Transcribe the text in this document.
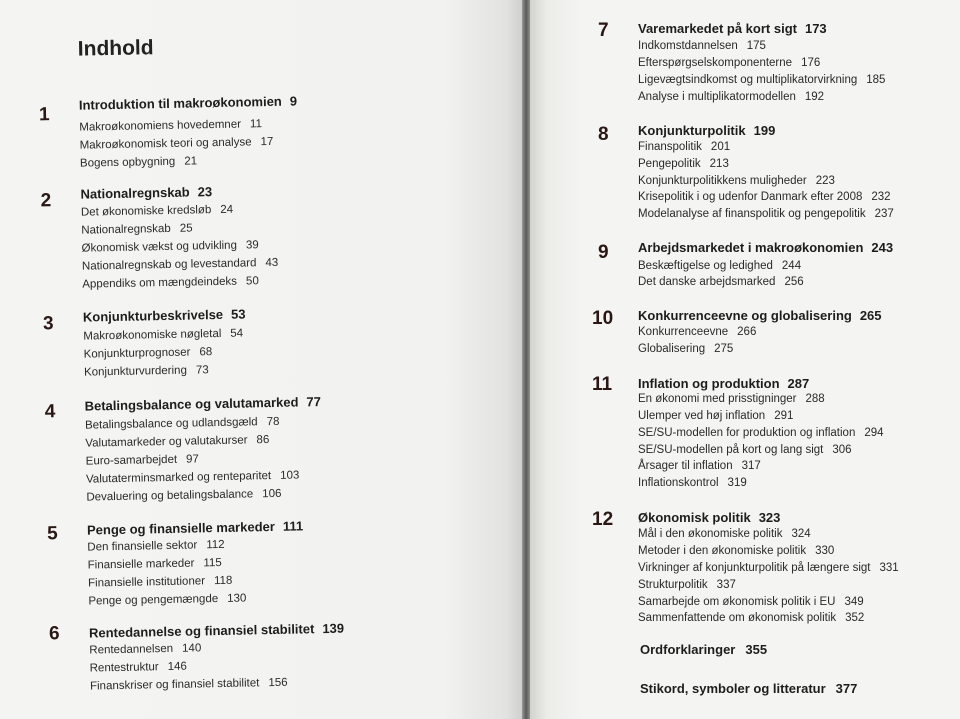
Indhold
1
Introduktion til makroøkonomien 9
Makroøkonomiens hovedemner 11
Makroøkonomisk teori og analyse 17
Bogens opbygning 21
2 Nationalregnskab 23
Det økonomiske kredsløb 24
Nationalregnskab 25
Økonomisk vækst og udvikling 39
Nationalregnskab og levestandard 43
Appendiks om mængdeindeks 50
3 Konjunkturbeskrivelse 53
Makroøkonomiske nøgletal 54
Konjunkturprognoser 68
Konjunkturvurdering 73
4 Betalingsbalance og valutamarked 77
Betalingsbalance og udlandsgæld 78
Valutamarkeder og valutakurser 86
Euro-samarbejdet 97
Valutaterminsmarked og renteparitet 103
Devaluering og betalingsbalance 106
5 Penge og finansielle markeder 111
Den finansielle sektor 112
Finansielle markeder 115
Finansielle institutioner 118
Penge og pengemængde 130
6 Rentedannelse og finansiel stabilitet 139
Rentedannelsen 140
Rentestruktur 146
Finanskriser og finansiel stabilitet 156
7 Varemarkedet på kort sigt 173
Indkomstdannelsen 175
Efterspørgselskomponenterne 176
Ligevægtsindkomst og multiplikatorvirkning 185
Analyse i multiplikatormodellen 192
8 Konjunkturpolitik 199
Finanspolitik 201
Pengepolitik 213
Konjunkturpolitikkens muligheder 223
Krisepolitik i og udenfor Danmark efter 2008 232
Modelanalyse af finanspolitik og pengepolitik 237
9 Arbejdsmarkedet i makroøkonomien 243
Beskæftigelse og ledighed 244
Det danske arbejdsmarked 256
10 Konkurrenceevne og globalisering 265
Konkurrenceevne 266
Globalisering 275
11 Inflation og produktion 287
En økonomi med prisstigninger 288
Ulemper ved høj inflation 291
SE/SU-modellen for produktion og inflation 294
SE/SU-modellen på kort og lang sigt 306
Årsager til inflation 317
Inflationskontrol 319
12 Økonomisk politik 323
Mål i den økonomiske politik 324
Metoder i den økonomiske politik 330
Virkninger af konjunkturpolitik på længere sigt 331
Strukturpolitik 337
Samarbejde om økonomisk politik i EU 349
Sammenfattende om økonomisk politik 352
Ordforklaringer 355
Stikord, symboler og litteratur 377
